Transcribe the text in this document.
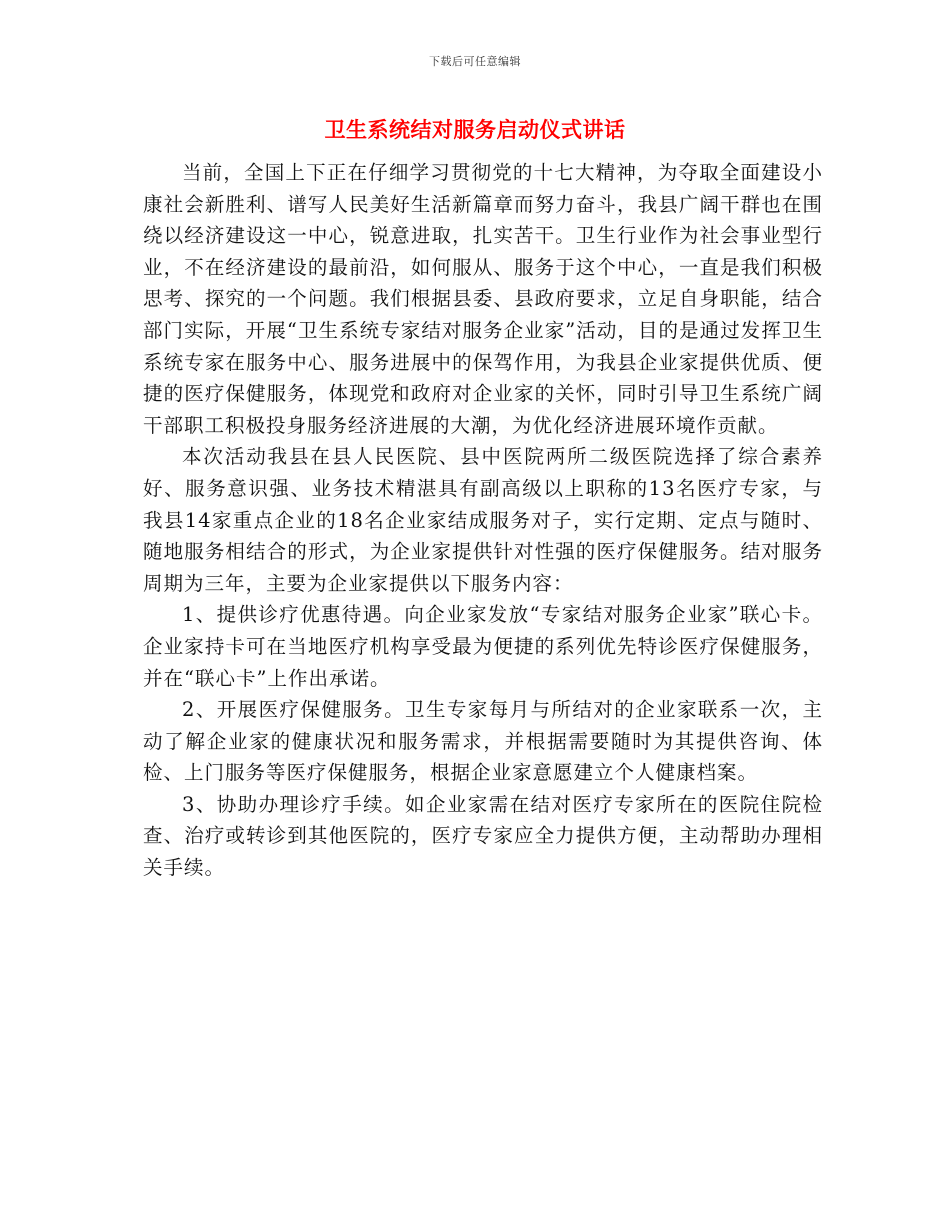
下载后可任意编辑
卫生系统结对服务启动仪式讲话

当前，全国上下正在仔细学习贯彻党的十七大精神，为夺取全面建设小康社会新胜利、谱写人民美好生活新篇章而努力奋斗，我县广阔干群也在围绕以经济建设这一中心，锐意进取，扎实苦干。卫生行业作为社会事业型行业，不在经济建设的最前沿，如何服从、服务于这个中心，一直是我们积极思考、探究的一个问题。我们根据县委、县政府要求，立足自身职能，结合部门实际，开展“卫生系统专家结对服务企业家”活动，目的是通过发挥卫生系统专家在服务中心、服务进展中的保驾作用，为我县企业家提供优质、便捷的医疗保健服务，体现党和政府对企业家的关怀，同时引导卫生系统广阔干部职工积极投身服务经济进展的大潮，为优化经济进展环境作贡献。

本次活动我县在县人民医院、县中医院两所二级医院选择了综合素养好、服务意识强、业务技术精湛具有副高级以上职称的13名医疗专家，与我县14家重点企业的18名企业家结成服务对子，实行定期、定点与随时、随地服务相结合的形式，为企业家提供针对性强的医疗保健服务。结对服务周期为三年，主要为企业家提供以下服务内容：

1、提供诊疗优惠待遇。向企业家发放“专家结对服务企业家”联心卡。企业家持卡可在当地医疗机构享受最为便捷的系列优先特诊医疗保健服务，并在“联心卡”上作出承诺。

2、开展医疗保健服务。卫生专家每月与所结对的企业家联系一次，主动了解企业家的健康状况和服务需求，并根据需要随时为其提供咨询、体检、上门服务等医疗保健服务，根据企业家意愿建立个人健康档案。

3、协助办理诊疗手续。如企业家需在结对医疗专家所在的医院住院检查、治疗或转诊到其他医院的，医疗专家应全力提供方便，主动帮助办理相关手续。
